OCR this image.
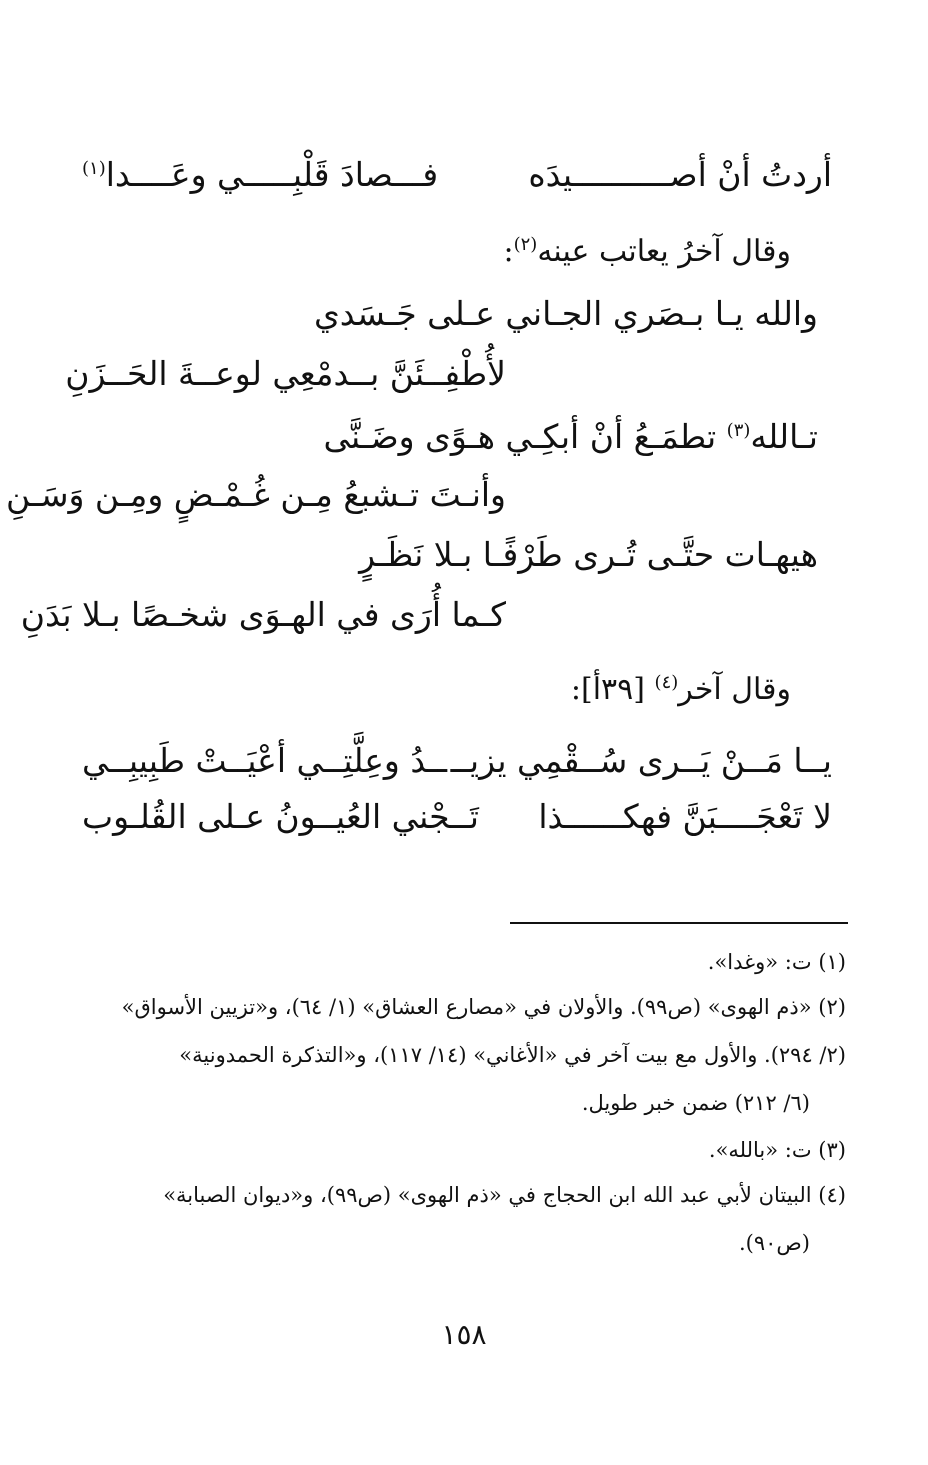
أردتُ أنْ أصــــــــــيدَه
فـــصادَ قَلْبِـــــي وعَــــدا$^{(١)}$
وقال آخرُ يعاتب عينه$^{(٢)}$:
والله يـا بـصَري الجـاني عـلى جَـسَدي
لأُطْفِــئَنَّ بــدمْعِي لوعــةَ الحَــزَنِ
تـالله$^{(٣)}$ تطمَـعُ أنْ أبكِـي هـوًى وضَـنَّى
وأنـتَ تـشبعُ مِـن غُـمْـضٍ ومِـن وَسَـنِ
هيهـات حتَّـى تُـرى طَرْفًـا بـلا نَظَـرٍ
كـما أُرَى في الهـوَى شخـصًا بـلا بَدَنِ
وقال آخر$^{(٤)}$ [٣٩أ]:
يــا مَــنْ يَــرى سُــقْمِي يزيــ
ــدُ وعِلَّتِــي أعْيَــتْ طَبِيبِــي
لا تَعْجَــــبَنَّ فهكــــــذا
تَــجْني العُيــونُ عـلى القُلـوب
(١) ت: «وغدا».
(٢) «ذم الهوى» (ص٩٩). والأولان في «مصارع العشاق» (١/ ٦٤)، و«تزيين الأسواق»
(٢/ ٢٩٤). والأول مع بيت آخر في «الأغاني» (١٤/ ١١٧)، و«التذكرة الحمدونية»
(٦/ ٢١٢) ضمن خبر طويل.
(٣) ت: «بالله».
(٤) البيتان لأبي عبد الله ابن الحجاج في «ذم الهوى» (ص٩٩)، و«ديوان الصبابة»
(ص٩٠).
١٥٨
